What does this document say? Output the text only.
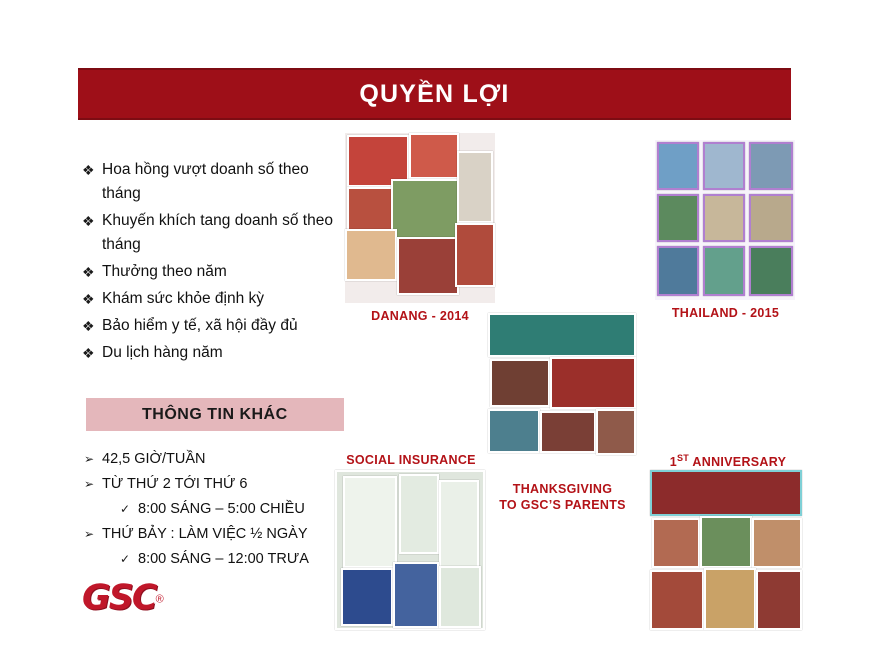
QUYỀN LỢI
❖ Hoa hồng vượt doanh số theo tháng
❖ Khuyến khích tang doanh số theo tháng
❖ Thưởng theo năm
❖ Khám sức khỏe định kỳ
❖ Bảo hiểm y tế, xã hội đầy đủ
❖ Du lịch hàng năm
THÔNG TIN KHÁC
➢ 42,5 GIỜ/TUẦN
➢ TỪ THỨ 2 TỚI THỨ 6
✓ 8:00 SÁNG – 5:00 CHIỀU
➢ THỨ BẢY : LÀM VIỆC ½ NGÀY
✓ 8:00 SÁNG – 12:00 TRƯA
GSC®
DANANG - 2014	THAILAND - 2015
THANKSGIVING
TO GSC’S PARENTS
SOCIAL INSURANCE	1ST ANNIVERSARY
